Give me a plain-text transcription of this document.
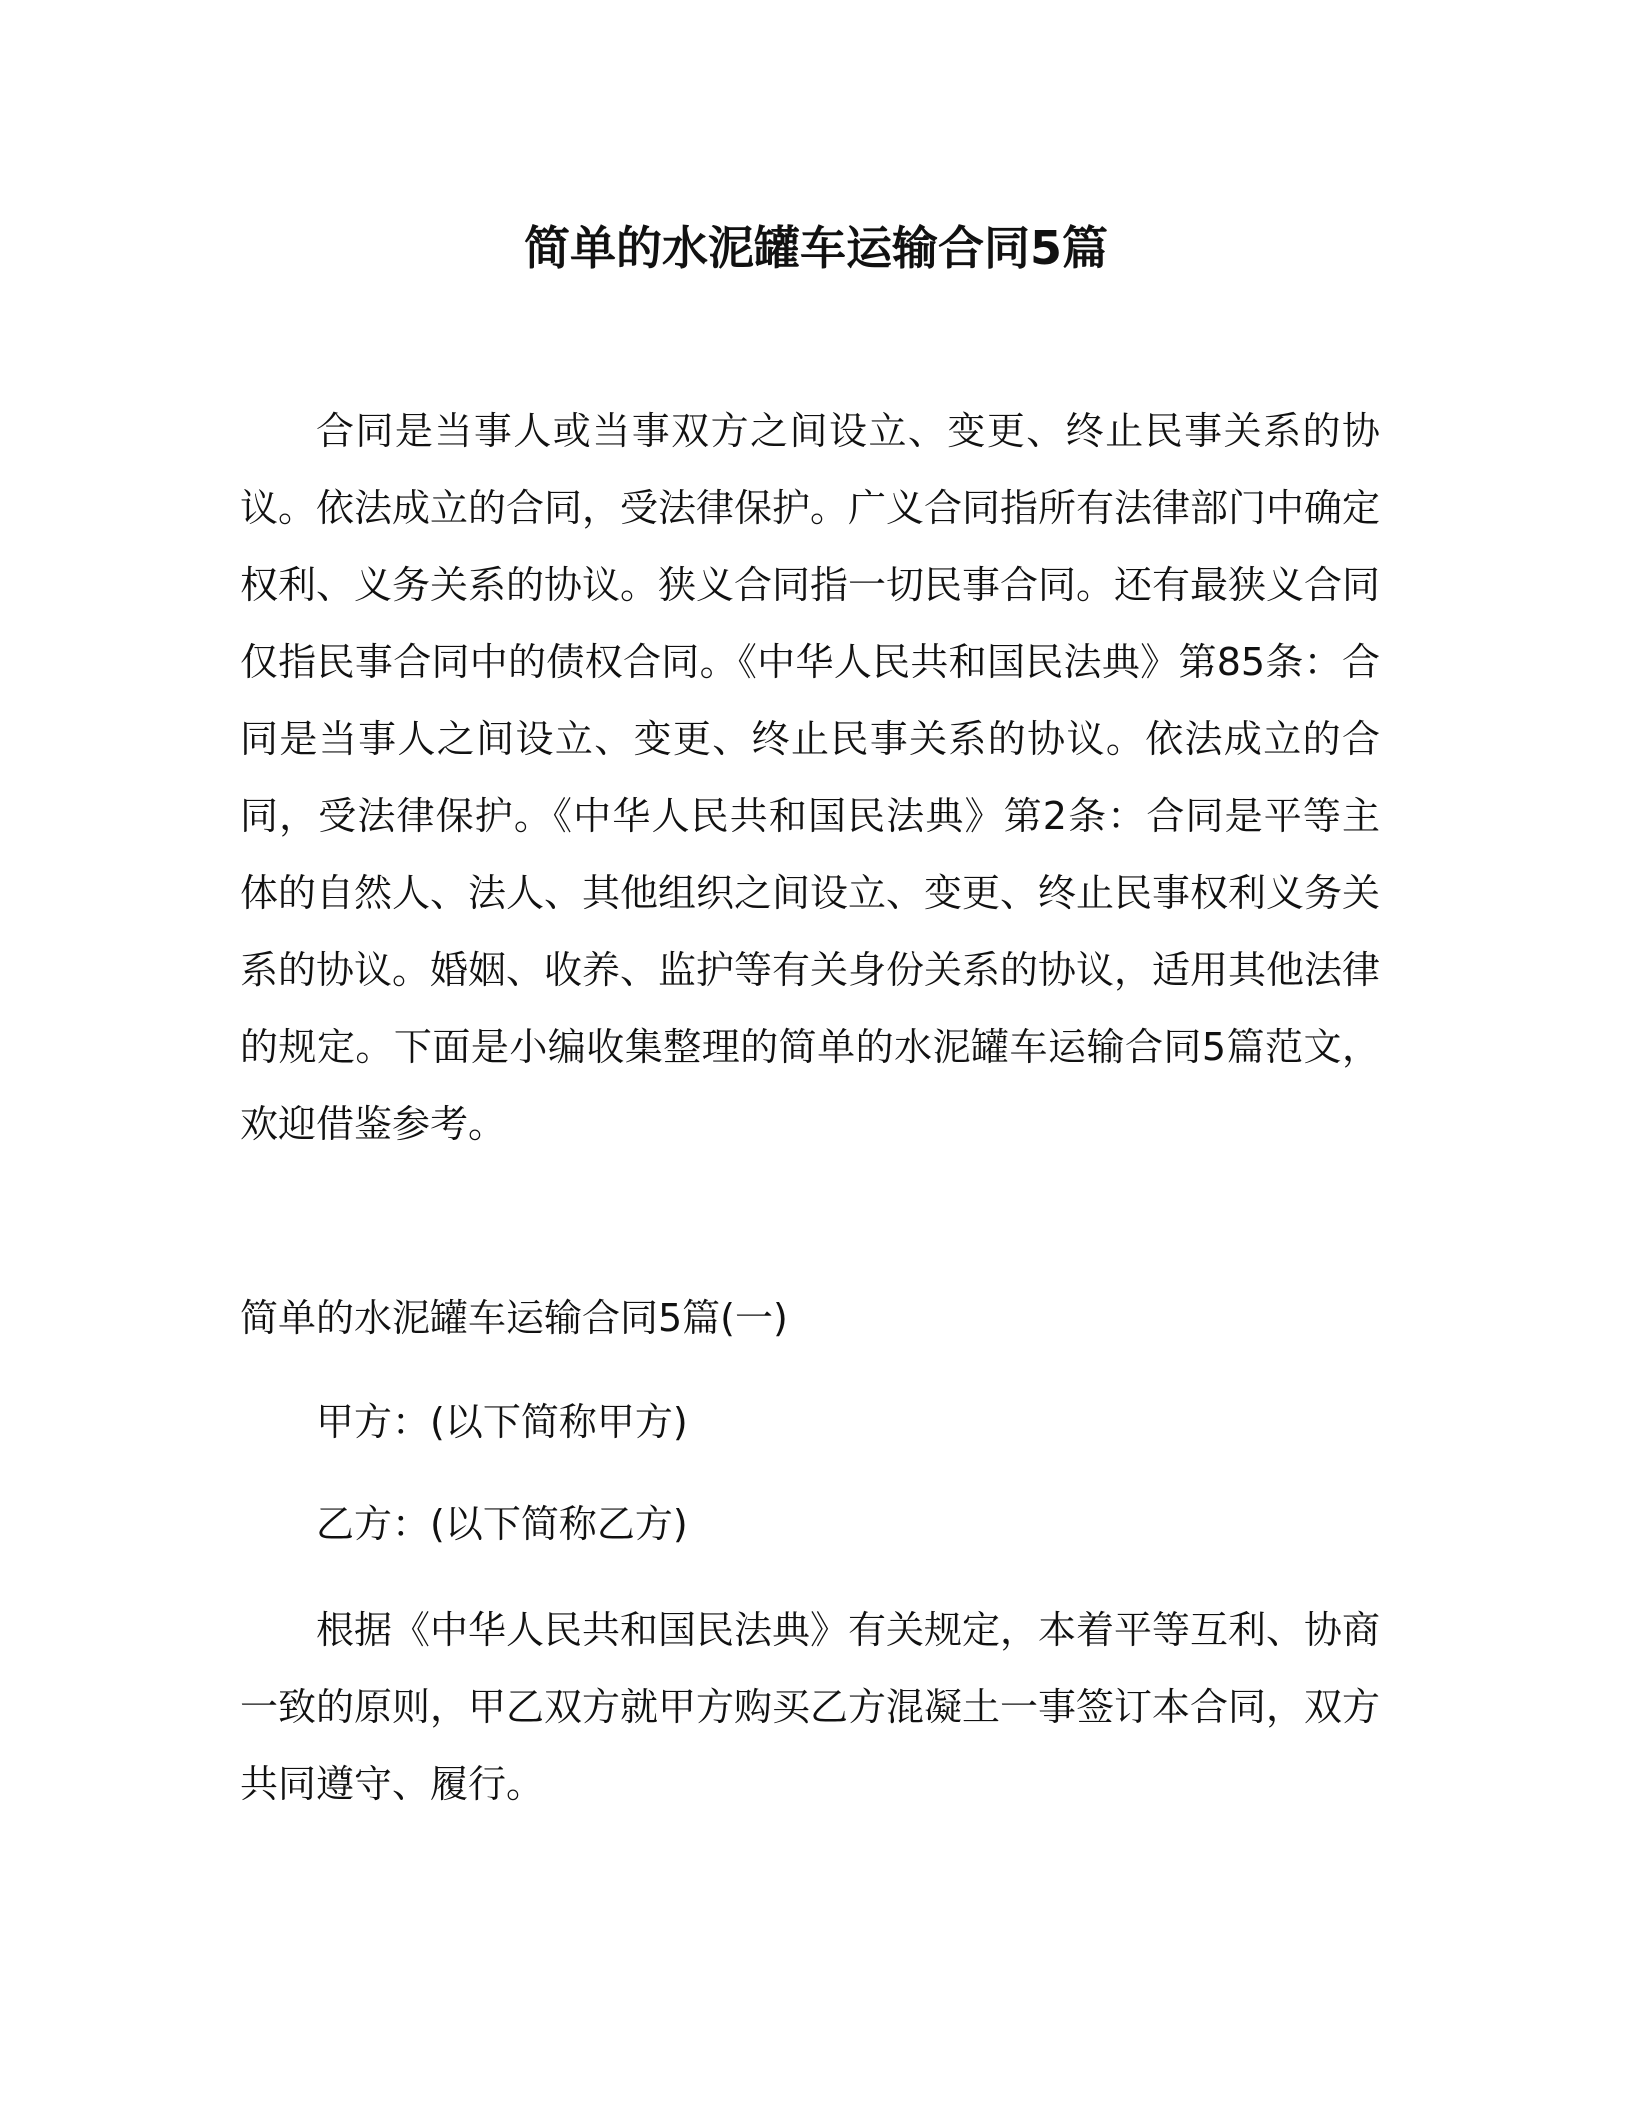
简单的水泥罐车运输合同5篇

合同是当事人或当事双方之间设立、变更、终止民事关系的协议。依法成立的合同，受法律保护。广义合同指所有法律部门中确定权利、义务关系的协议。狭义合同指一切民事合同。还有最狭义合同仅指民事合同中的债权合同。《中华人民共和国民法典》第85条：合同是当事人之间设立、变更、终止民事关系的协议。依法成立的合同，受法律保护。《中华人民共和国民法典》第2条：合同是平等主体的自然人、法人、其他组织之间设立、变更、终止民事权利义务关系的协议。婚姻、收养、监护等有关身份关系的协议，适用其他法律的规定。下面是小编收集整理的简单的水泥罐车运输合同5篇范文，欢迎借鉴参考。

简单的水泥罐车运输合同5篇(一)

甲方：(以下简称甲方)

乙方：(以下简称乙方)

根据《中华人民共和国民法典》有关规定，本着平等互利、协商一致的原则，甲乙双方就甲方购买乙方混凝土一事签订本合同，双方共同遵守、履行。
